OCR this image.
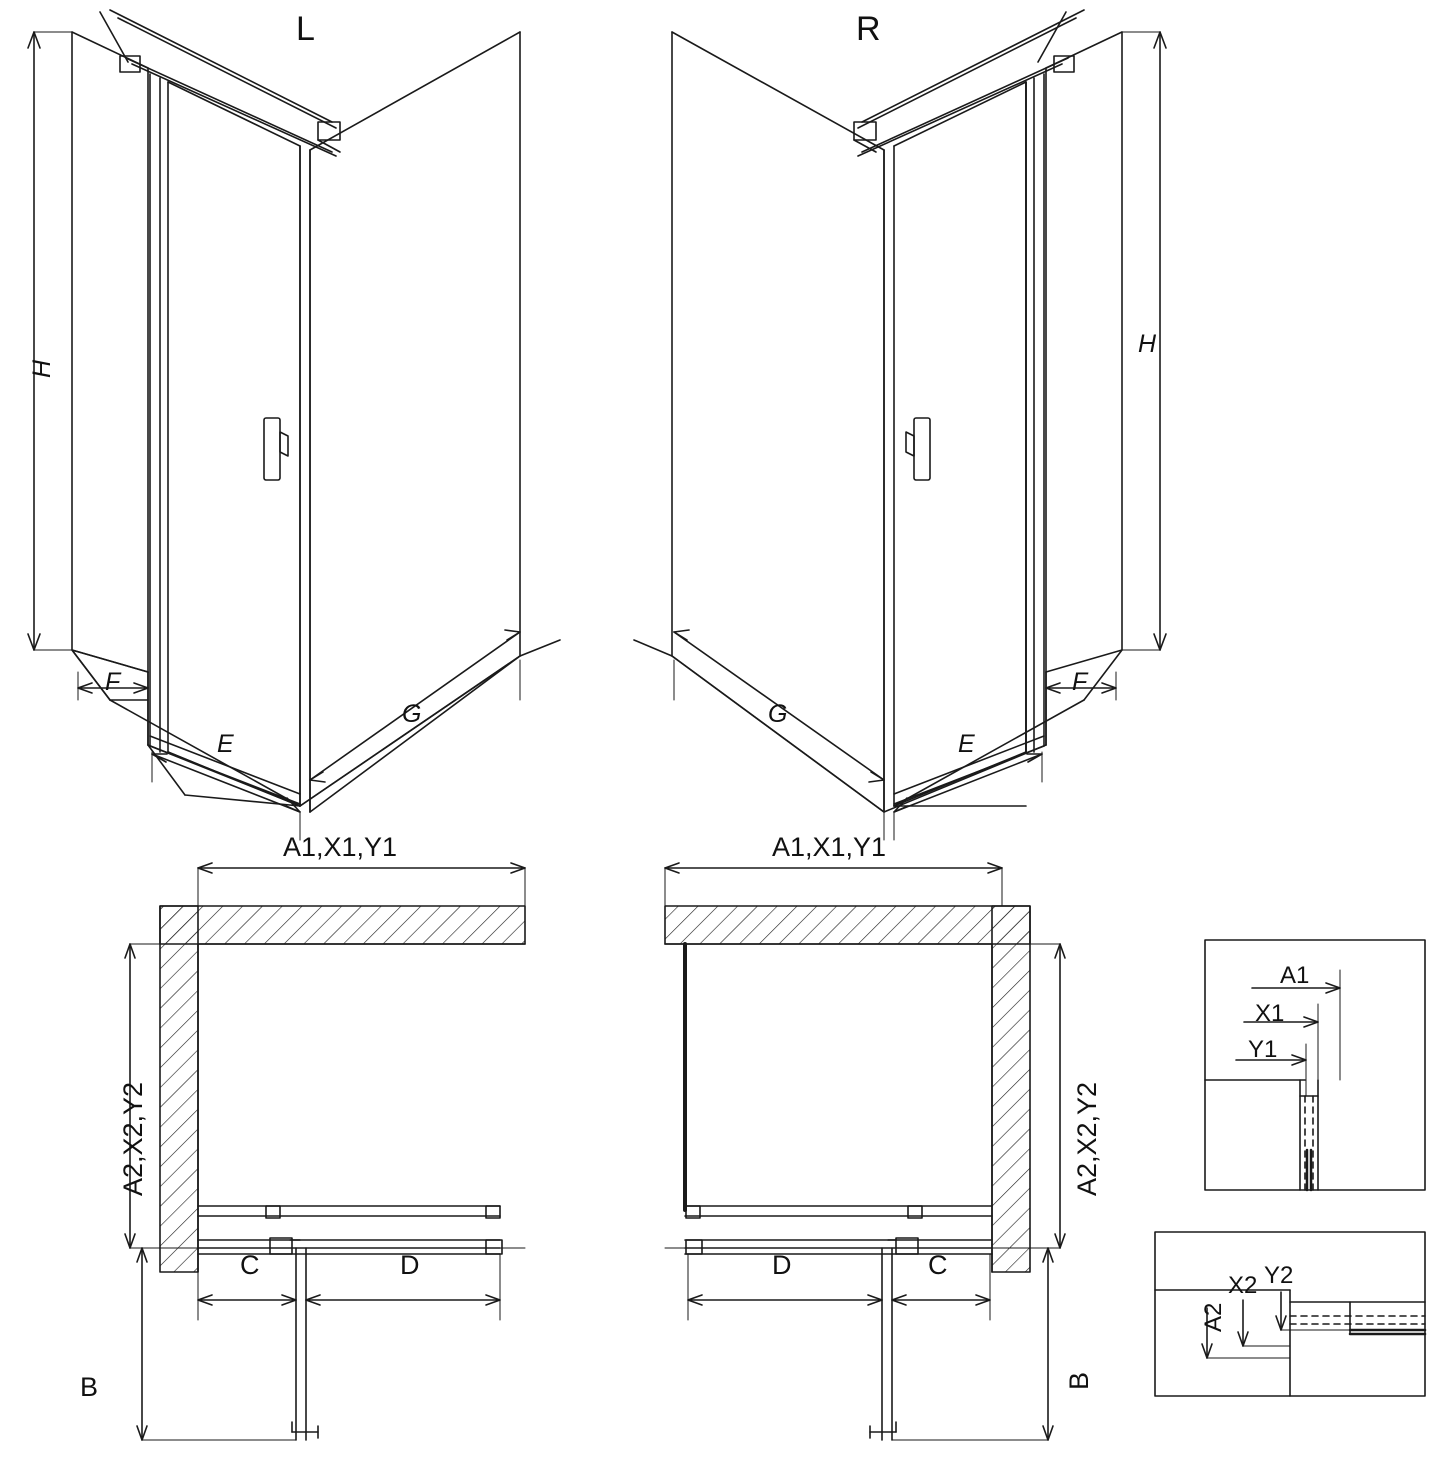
L	R
H
H
F
E
G	G
E
F
A1,X1,Y1
A2,X2,Y2
C	D
B
A1,X1,Y1
A2,X2,Y2
D	C
B
A1
X1
Y1
A2
X2 Y2
